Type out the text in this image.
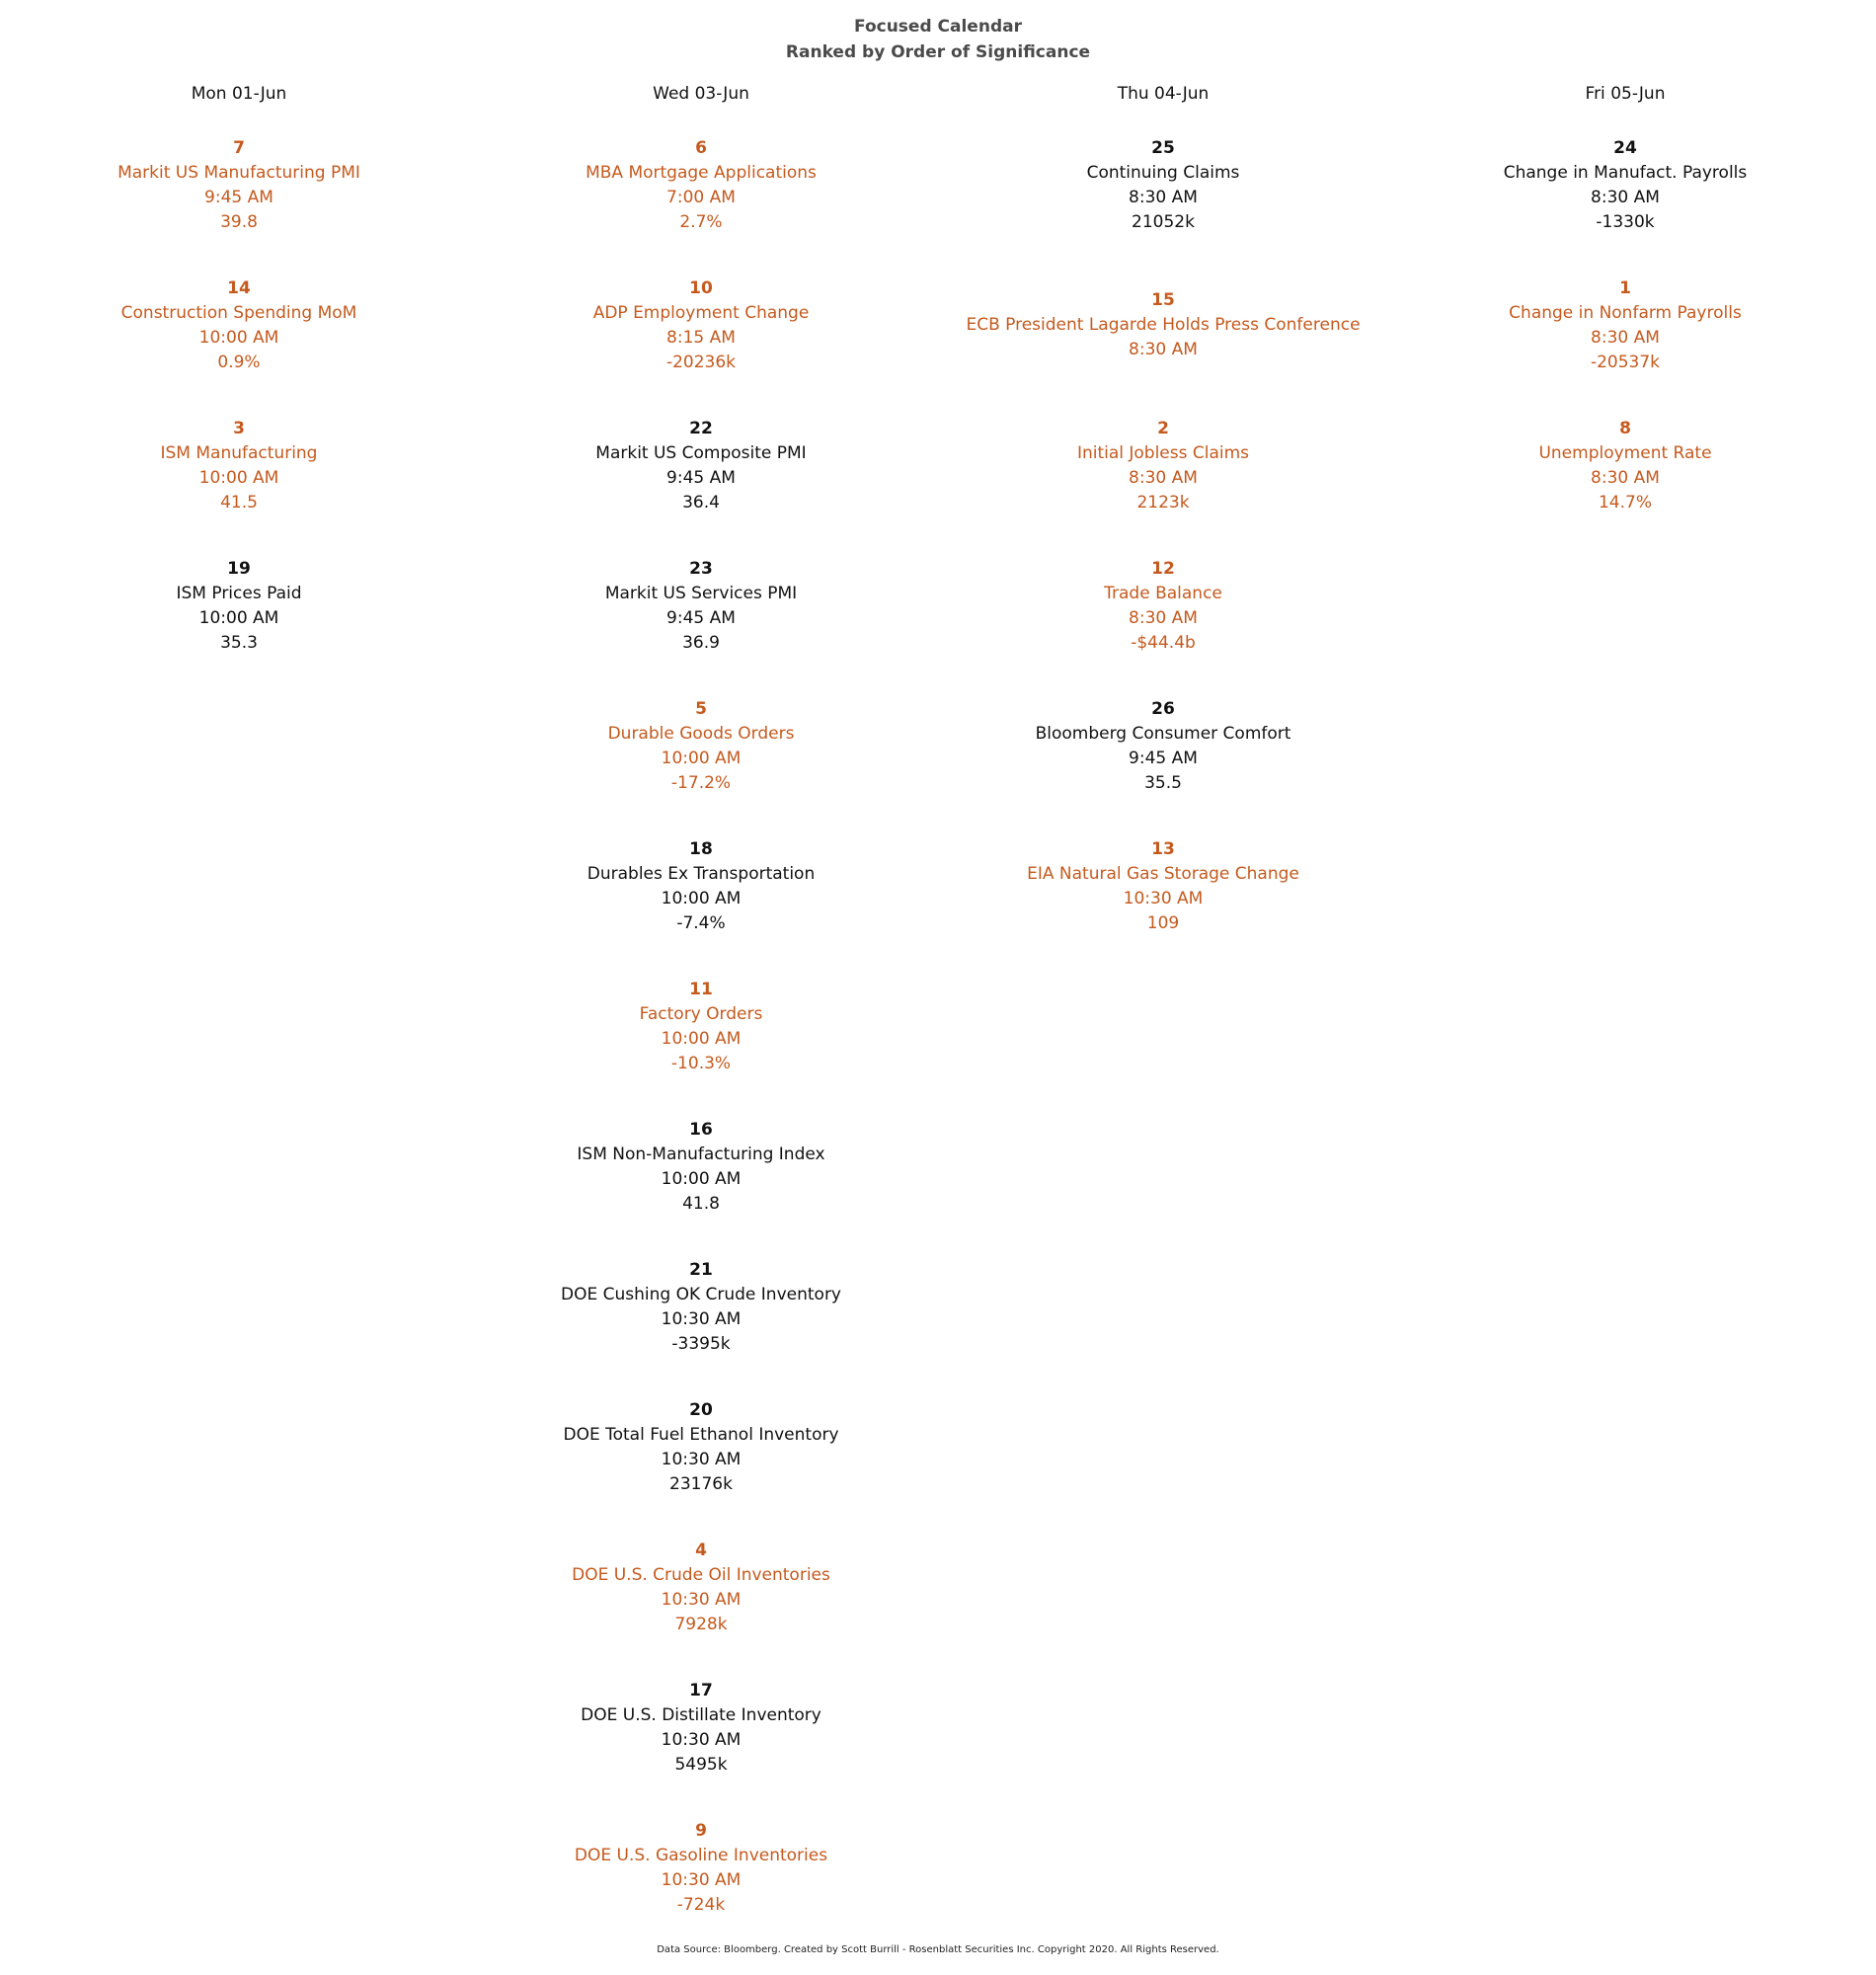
Focused Calendar
Ranked by Order of Significance
Mon 01-Jun
7
Markit US Manufacturing PMI
9:45 AM
39.8
14
Construction Spending MoM
10:00 AM
0.9%
3
ISM Manufacturing
10:00 AM
41.5
19
ISM Prices Paid
10:00 AM
35.3
Wed 03-Jun
6
MBA Mortgage Applications
7:00 AM
2.7%
10
ADP Employment Change
8:15 AM
-20236k
22
Markit US Composite PMI
9:45 AM
36.4
23
Markit US Services PMI
9:45 AM
36.9
5
Durable Goods Orders
10:00 AM
-17.2%
18
Durables Ex Transportation
10:00 AM
-7.4%
11
Factory Orders
10:00 AM
-10.3%
16
ISM Non-Manufacturing Index
10:00 AM
41.8
21
DOE Cushing OK Crude Inventory
10:30 AM
-3395k
20
DOE Total Fuel Ethanol Inventory
10:30 AM
23176k
4
DOE U.S. Crude Oil Inventories
10:30 AM
7928k
17
DOE U.S. Distillate Inventory
10:30 AM
5495k
9
DOE U.S. Gasoline Inventories
10:30 AM
-724k
Thu 04-Jun
25
Continuing Claims
8:30 AM
21052k
15
ECB President Lagarde Holds Press Conference
8:30 AM
2
Initial Jobless Claims
8:30 AM
2123k
12
Trade Balance
8:30 AM
-$44.4b
26
Bloomberg Consumer Comfort
9:45 AM
35.5
13
EIA Natural Gas Storage Change
10:30 AM
109
Fri 05-Jun
24
Change in Manufact. Payrolls
8:30 AM
-1330k
1
Change in Nonfarm Payrolls
8:30 AM
-20537k
8
Unemployment Rate
8:30 AM
14.7%
Data Source: Bloomberg. Created by Scott Burrill - Rosenblatt Securities Inc. Copyright 2020. All Rights Reserved.
